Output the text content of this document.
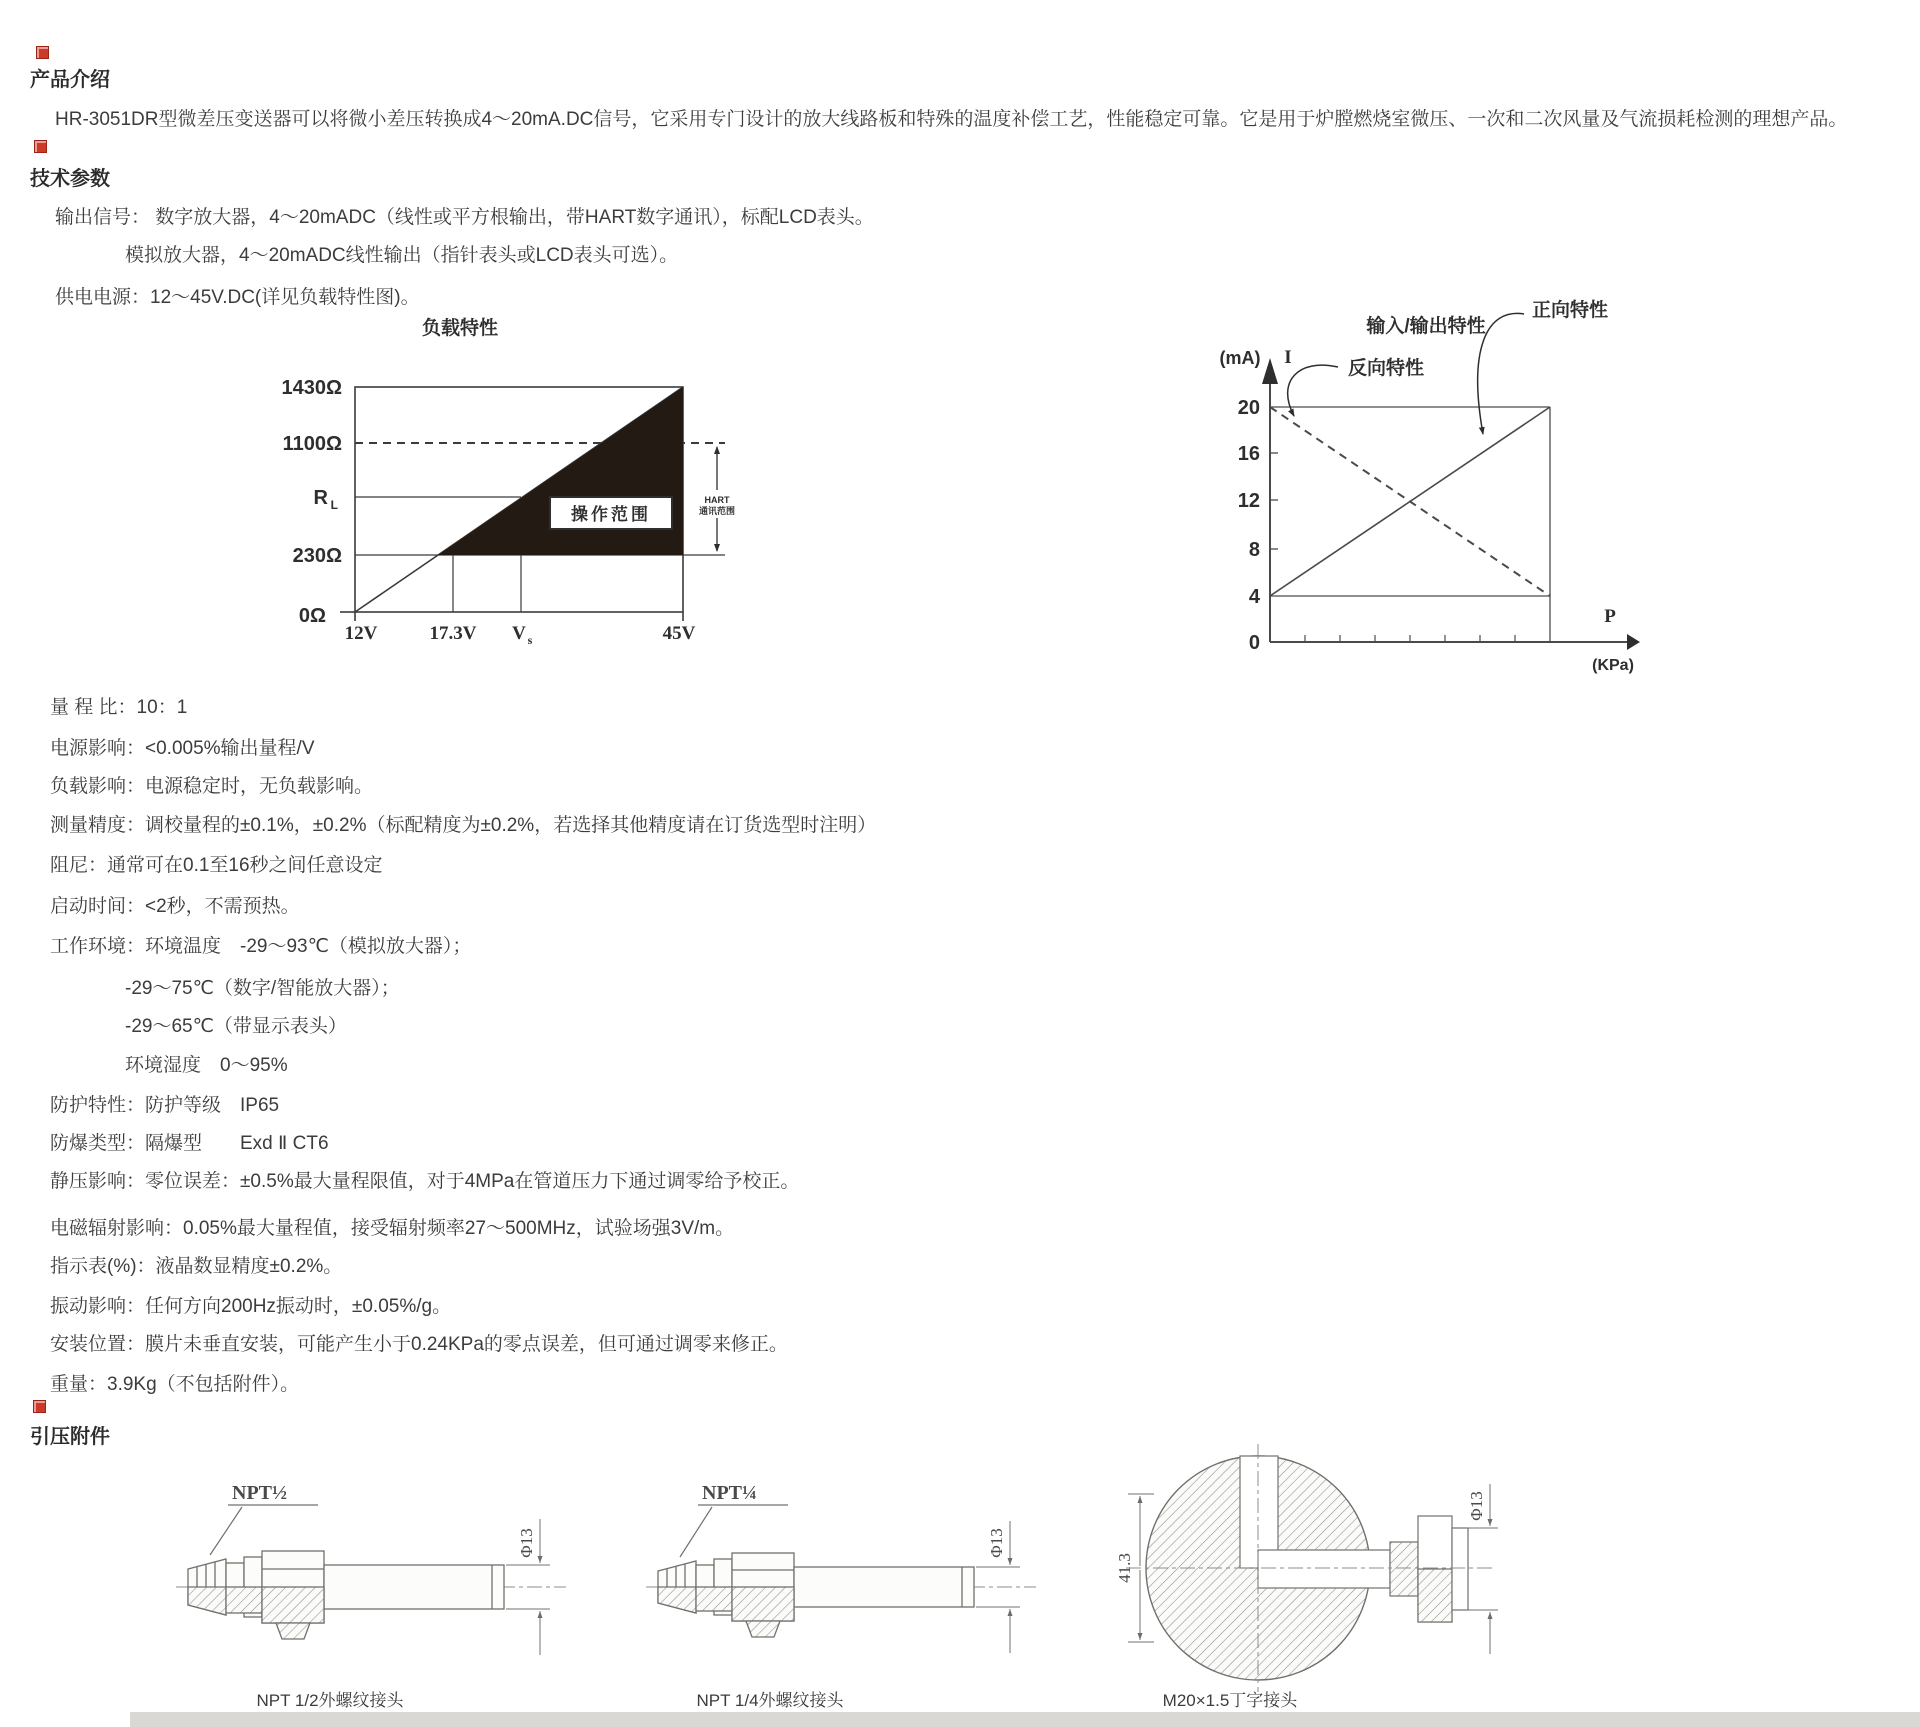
产品介绍
HR-3051DR型微差压变送器可以将微小差压转换成4～20mA.DC信号，它采用专门设计的放大线路板和特殊的温度补偿工艺，性能稳定可靠。它是用于炉膛燃烧室微压、一次和二次风量及气流损耗检测的理想产品。
技术参数
输出信号： 数字放大器，4～20mADC（线性或平方根输出，带HART数字通讯），标配LCD表头。
模拟放大器，4～20mADC线性输出（指针表头或LCD表头可选）。
供电电源：12～45V.DC(详见负载特性图)。
负载特性
操作范围
1430Ω
1100Ω
R L
230Ω
0Ω
12V	17.3V V s	45V
HART
通讯范围
输入/输出特性
(mA) I
P
(KPa)
20
16
12
8
4
0
反向特性
正向特性
量 程 比：10：1
电源影响：<0.005%输出量程/V
负载影响：电源稳定时，无负载影响。
测量精度：调校量程的±0.1%，±0.2%（标配精度为±0.2%，若选择其他精度请在订货选型时注明）
阻尼：通常可在0.1至16秒之间任意设定
启动时间：<2秒，不需预热。
工作环境：环境温度　-29～93℃（模拟放大器）；
-29～75℃（数字/智能放大器）；
-29～65℃（带显示表头）
环境湿度　0～95%
防护特性：防护等级　IP65
防爆类型：隔爆型　　Exd Ⅱ CT6
静压影响：零位误差：±0.5%最大量程限值，对于4MPa在管道压力下通过调零给予校正。
电磁辐射影响：0.05%最大量程值，接受辐射频率27～500MHz，试验场强3V/m。
指示表(%)：液晶数显精度±0.2%。
振动影响：任何方向200Hz振动时，±0.05%/g。
安装位置：膜片未垂直安装，可能产生小于0.24KPa的零点误差，但可通过调零来修正。
重量：3.9Kg（不包括附件）。
引压附件
NPT½
Φ13
NPT¼
Φ13
41.3
Φ13
NPT 1/2外螺纹接头	NPT 1/4外螺纹接头	M20×1.5丁字接头
